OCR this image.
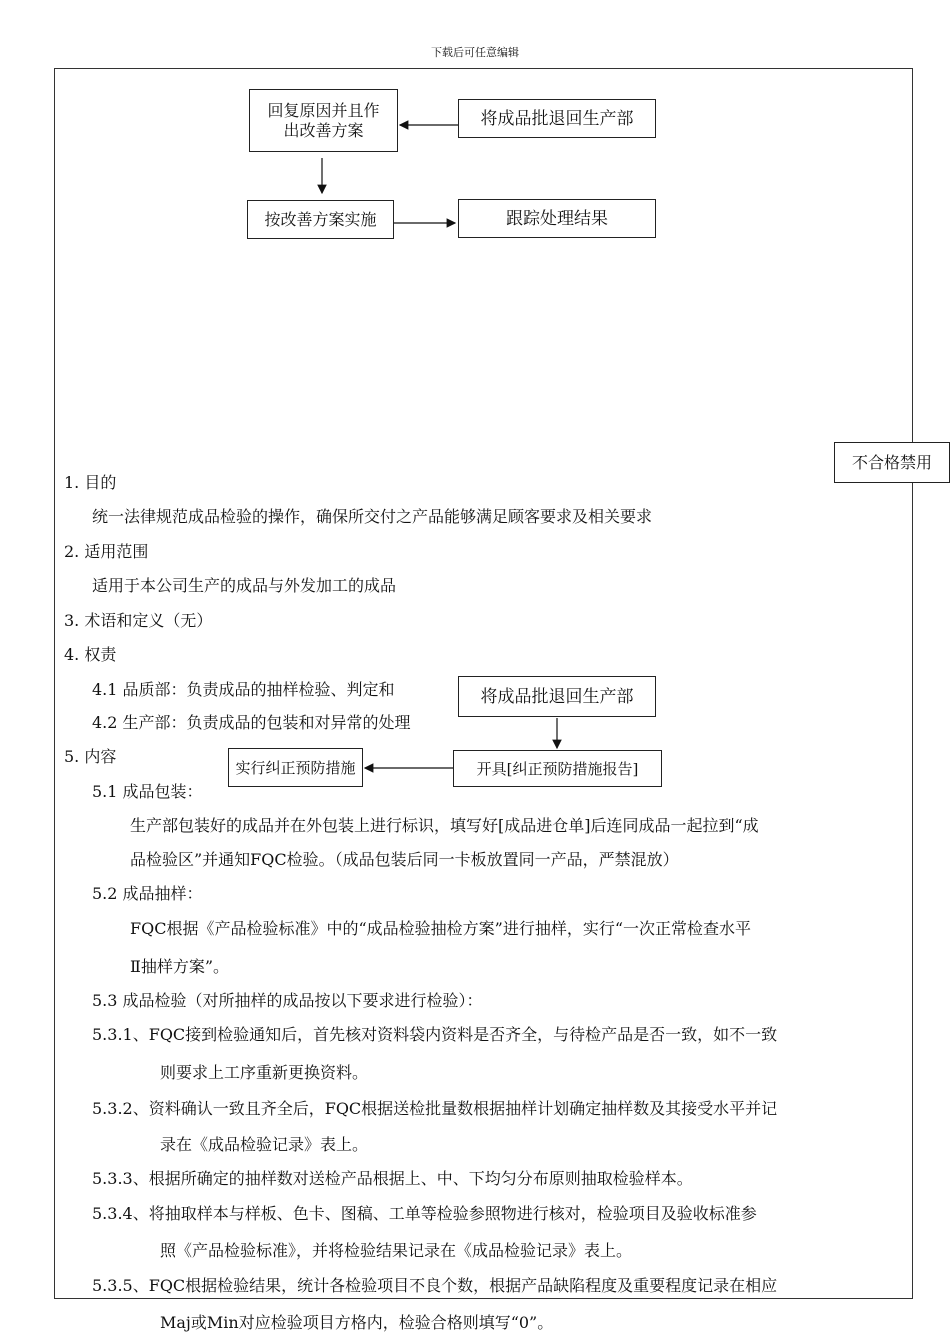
下载后可任意编辑
回复原因并且作出改善方案
将成品批退回生产部
按改善方案实施	跟踪处理结果
不合格禁用
1. 目的
统一法律规范成品检验的操作，确保所交付之产品能够满足顾客要求及相关要求
2. 适用范围
适用于本公司生产的成品与外发加工的成品
3. 术语和定义（无）
4. 权责
4.1 品质部：负责成品的抽样检验、判定和
4.2 生产部：负责成品的包装和对异常的处理
5. 内容
将成品批退回生产部
实行纠正预防措施	开具[纠正预防措施报告]
5.1 成品包装：
生产部包装好的成品并在外包装上进行标识，填写好[成品进仓单]后连同成品一起拉到“成
品检验区”并通知FQC检验。（成品包装后同一卡板放置同一产品，严禁混放）
5.2 成品抽样：
FQC根据《产品检验标准》中的“成品检验抽检方案”进行抽样，实行“一次正常检查水平
Ⅱ抽样方案”。
5.3 成品检验（对所抽样的成品按以下要求进行检验）：
5.3.1、FQC接到检验通知后，首先核对资料袋内资料是否齐全，与待检产品是否一致，如不一致
则要求上工序重新更换资料。
5.3.2、资料确认一致且齐全后，FQC根据送检批量数根据抽样计划确定抽样数及其接受水平并记
录在《成品检验记录》表上。
5.3.3、根据所确定的抽样数对送检产品根据上、中、下均匀分布原则抽取检验样本。
5.3.4、将抽取样本与样板、色卡、图稿、工单等检验参照物进行核对，检验项目及验收标准参
照《产品检验标准》，并将检验结果记录在《成品检验记录》表上。
5.3.5、FQC根据检验结果，统计各检验项目不良个数，根据产品缺陷程度及重要程度记录在相应
Maj或Min对应检验项目方格内，检验合格则填写“0”。
